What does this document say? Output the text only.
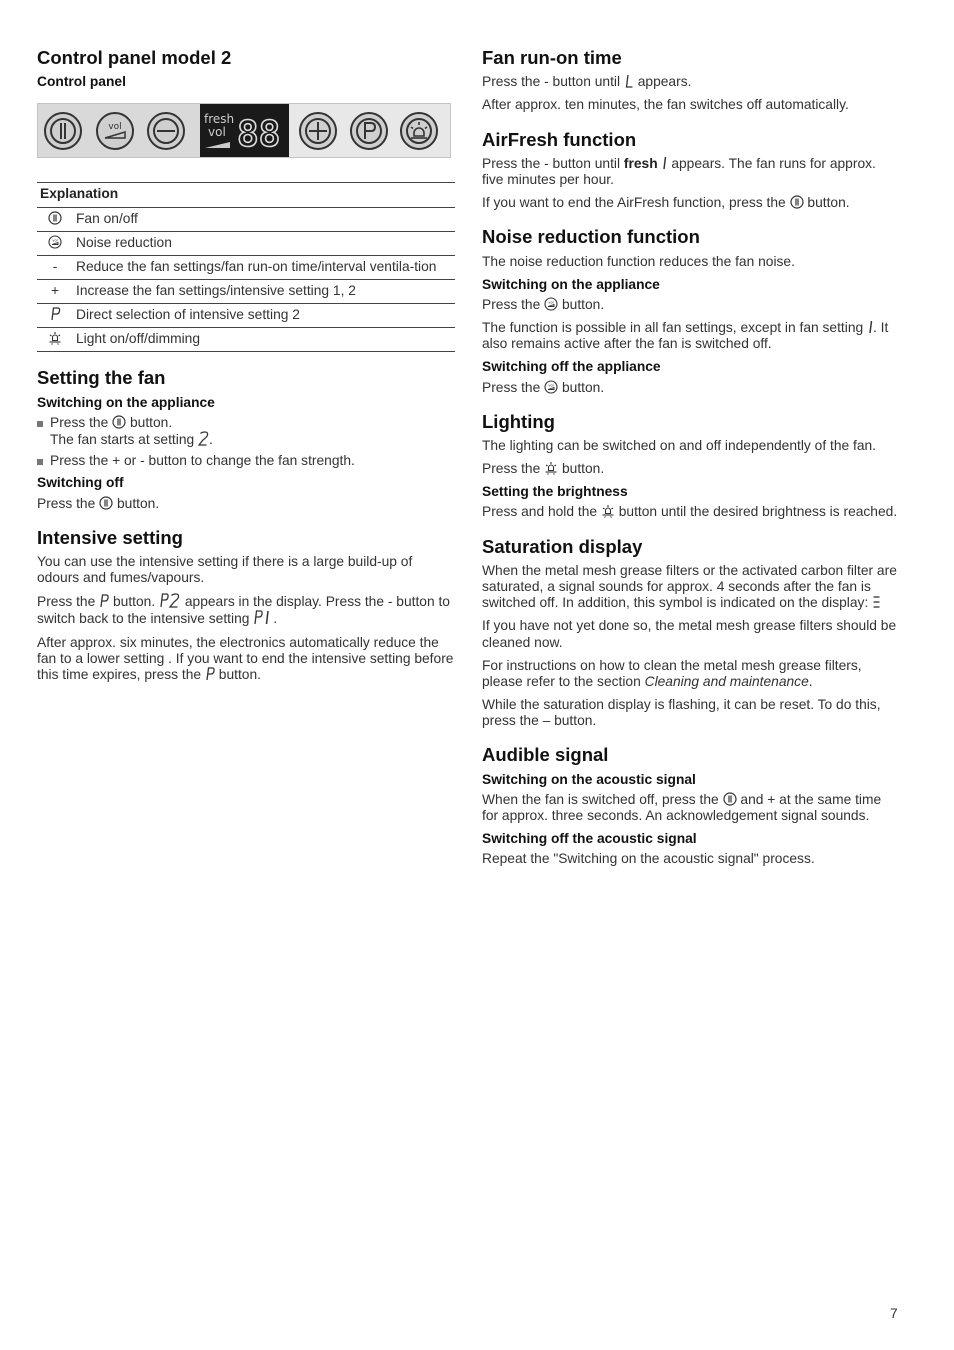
Control panel model 2
Control panel
vol
fresh
vol 88
Explanation	
	Fan on/off
	Noise reduction
-	Reduce the fan settings/fan run-on time/interval ventila-tion
+	Increase the fan settings/intensive setting 1, 2
	Direct selection of intensive setting 2
	Light on/off/dimming
Setting the fan
Switching on the appliance
Press the button.
The fan starts at setting .
Press the + or - button to change the fan strength.
Switching off

Press the button.

Intensive setting

You can use the intensive setting if there is a large build-up of odours and fumes/vapours.

Press the button. appears in the display. Press the - button to switch back to the intensive setting .

After approx. six minutes, the electronics automatically reduce the fan to a lower setting . If you want to end the intensive setting before this time expires, press the button.

Fan run-on time

Press the - button until appears.

After approx. ten minutes, the fan switches off automatically.

AirFresh function

Press the - button until fresh appears. The fan runs for approx. five minutes per hour.

If you want to end the AirFresh function, press the button.

Noise reduction function

The noise reduction function reduces the fan noise.

Switching on the appliance

Press the button.

The function is possible in all fan settings, except in fan setting . It also remains active after the fan is switched off.

Switching off the appliance

Press the button.

Lighting

The lighting can be switched on and off independently of the fan.

Press the button.

Setting the brightness

Press and hold the button until the desired brightness is reached.

Saturation display

When the metal mesh grease filters or the activated carbon filter are saturated, a signal sounds for approx. 4 seconds after the fan is switched off. In addition, this symbol is indicated on the display:

If you have not yet done so, the metal mesh grease filters should be cleaned now.

For instructions on how to clean the metal mesh grease filters, please refer to the section Cleaning and maintenance.

While the saturation display is flashing, it can be reset. To do this, press the – button.

Audible signal
Switching on the acoustic signal

When the fan is switched off, press the and + at the same time for approx. three seconds. An acknowledgement signal sounds.

Switching off the acoustic signal

Repeat the "Switching on the acoustic signal" process.

7
